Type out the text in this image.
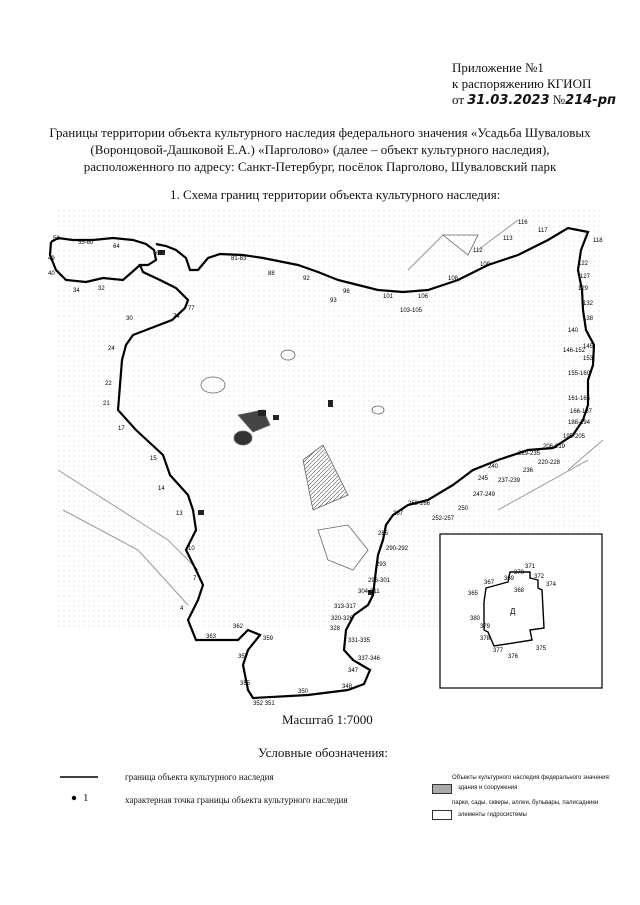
Приложение №1
к распоряжению КГИОП
от 31.03.2023 №214-рп
Границы территории объекта культурного наследия федерального значения «Усадьба Шуваловых
(Воронцовой-Дашковой Е.А.) «Парголово» (далее – объект культурного наследия),
расположенного по адресу: Санкт-Петербург, посёлок Парголово, Шуваловский парк
1. Схема границ территории объекта культурного наследия:
116
117
113
112
109
108
106
103-105
101
96
93
92
88
81-83
77
74
67
64
55-60
53
49
40
34	32
30
24
22
21
17
15
14
13
10
7
4
363
362
359
357
355
352 351
350
348
347
337-346
331-335
328
320-326
313-317
304-311
296-301
293
290-292
285
267
258-266
252-257
250
247-249
245
240
237-239
236
220-228
229-235
206-219
195-205
188-194
166-187
161-165
155-160
153
146-152
145
140
138
132
129
127
122
118
365
367
369
370
371
372
374
368
375
376
377
378
379
380
Д
Масштаб 1:7000
Условные обозначения:
граница объекта культурного наследия
1	характерная точка границы объекта культурного наследия
Объекты культурного наследия федерального значения:
здания и сооружения
парки, сады, скверы, аллеи, бульвары, палисадники
элементы гидросистемы
